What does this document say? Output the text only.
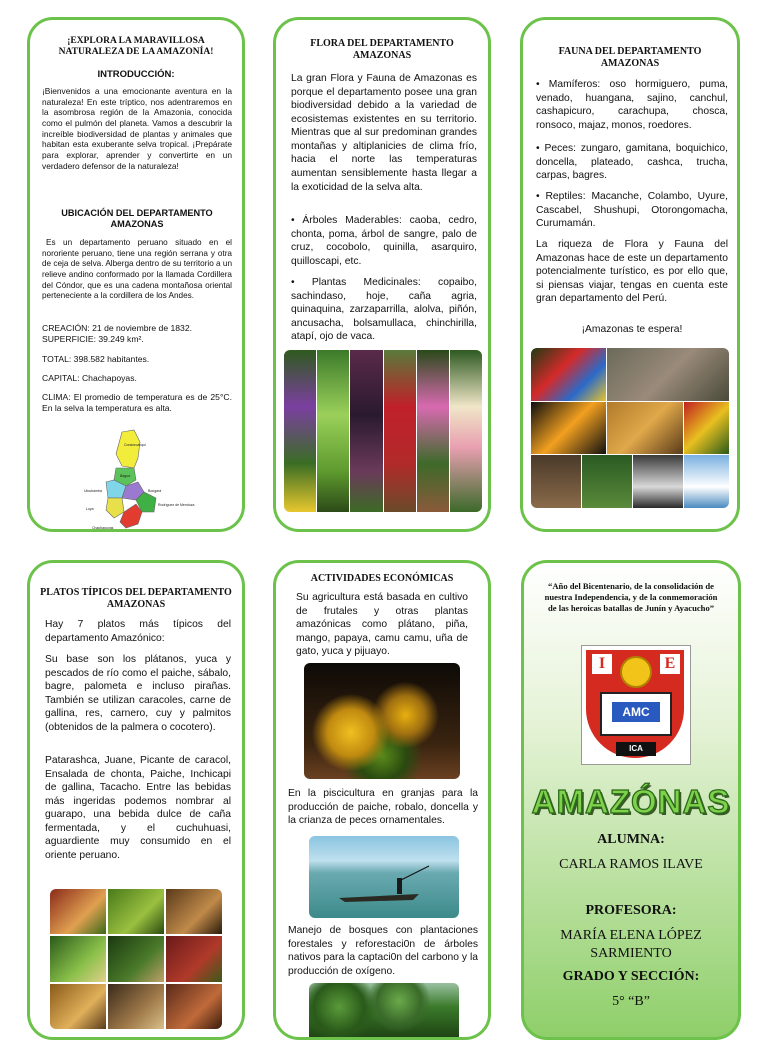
¡EXPLORA LA MARAVILLOSA NATURALEZA DE LA AMAZONÍA!
INTRODUCCIÓN:

¡Bienvenidos a una emocionante aventura en la naturaleza! En este tríptico, nos adentraremos en la asombrosa región de la Amazonia, conocida como el pulmón del planeta. Vamos a descubrir la increíble biodiversidad de plantas y animales que habitan esta exuberante selva tropical. ¡Prepárate para explorar, aprender y convertirte en un verdadero defensor de la naturaleza!

UBICACIÓN DEL DEPARTAMENTO AMAZONAS

Es un departamento peruano situado en el nororiente peruano, tiene una región serrana y otra de ceja de selva. Alberga dentro de su territorio a un relieve andino conformado por la llamada Cordillera del Cóndor, que es una cadena montañosa oriental perteneciente a la cordillera de los Andes.

CREACIÓN: 21 de noviembre de 1832.
SUPERFICIE: 39.249 km².
TOTAL: 398.582 habitantes.
CAPITAL: Chachapoyas.

CLIMA: El promedio de temperatura es de 25°C. En la selva la temperatura es alta.

Condorcanqui
Bagua
Utcubamba	Bongará
Rodríguez de Mendoza
Luya
Chachapoyas
FLORA DEL DEPARTAMENTO AMAZONAS

La gran Flora y Fauna de Amazonas es porque el departamento posee una gran biodiversidad debido a la variedad de ecosistemas existentes en su territorio. Mientras que al sur predominan grandes montañas y altiplanicies de clima frío, hacia el norte las temperaturas aumentan sensiblemente hasta llegar a la exoticidad de la selva alta.

• Árboles Maderables: caoba, cedro, chonta, poma, árbol de sangre, palo de cruz, cocobolo, quinilla, asarquiro, quilloscapi, etc.

• Plantas Medicinales: copaibo, sachindaso, hoje, caña agria, quinaquina, zarzaparrilla, alolva, piñón, ancusacha, bolsamullaca, chinchirilla, atapí, ojo de vaca.

FAUNA DEL DEPARTAMENTO AMAZONAS

• Mamíferos: oso hormiguero, puma, venado, huangana, sajino, canchul, cashapicuro, carachupa, chosca, ronsoco, majaz, monos, roedores.

• Peces: zungaro, gamitana, boquichico, doncella, plateado, cashca, trucha, carpas, bagres.

• Reptiles: Macanche, Colambo, Uyure, Cascabel, Shushupi, Otorongomacha, Curumamán.

La riqueza de Flora y Fauna del Amazonas hace de este un departamento potencialmente turístico, es por ello que, si piensas viajar, tengas en cuenta este gran departamento del Perú.

¡Amazonas te espera!
PLATOS TÍPICOS DEL DEPARTAMENTO AMAZONAS

Hay 7 platos más típicos del departamento Amazónico:

Su base son los plátanos, yuca y pescados de río como el paiche, sábalo, bagre, palometa e incluso pirañas. También se utilizan caracoles, carne de gallina, res, carnero, cuy y palmitos (obtenidos de la palmera o cocotero).

Patarashca, Juane, Picante de caracol, Ensalada de chonta, Paiche, Inchicapi de gallina, Tacacho. Entre las bebidas más ingeridas podemos nombrar al guarapo, una bebida dulce de caña fermentada, y el cuchuhuasi, aguardiente muy consumido en el oriente peruano.

ACTIVIDADES ECONÓMICAS

Su agricultura está basada en cultivo de frutales y otras plantas amazónicas como plátano, piña, mango, papaya, camu camu, uña de gato, yuca y pijuayo.

En la piscicultura en granjas para la producción de paiche, robalo, doncella y la crianza de peces ornamentales.

Manejo de bosques con plantaciones forestales y reforestaci0n de árboles nativos para la captaci0n del carbono y la producción de oxígeno.

“Año del Bicentenario, de la consolidación de nuestra Independencia, y de la conmemoración de las heroicas batallas de Junín y Ayacucho”
I	E
AMC
ICA
AMAZÓNAS
ALUMNA:
CARLA RAMOS ILAVE
PROFESORA:
MARÍA ELENA LÓPEZ SARMIENTO
GRADO Y SECCIÓN:
5° “B”
